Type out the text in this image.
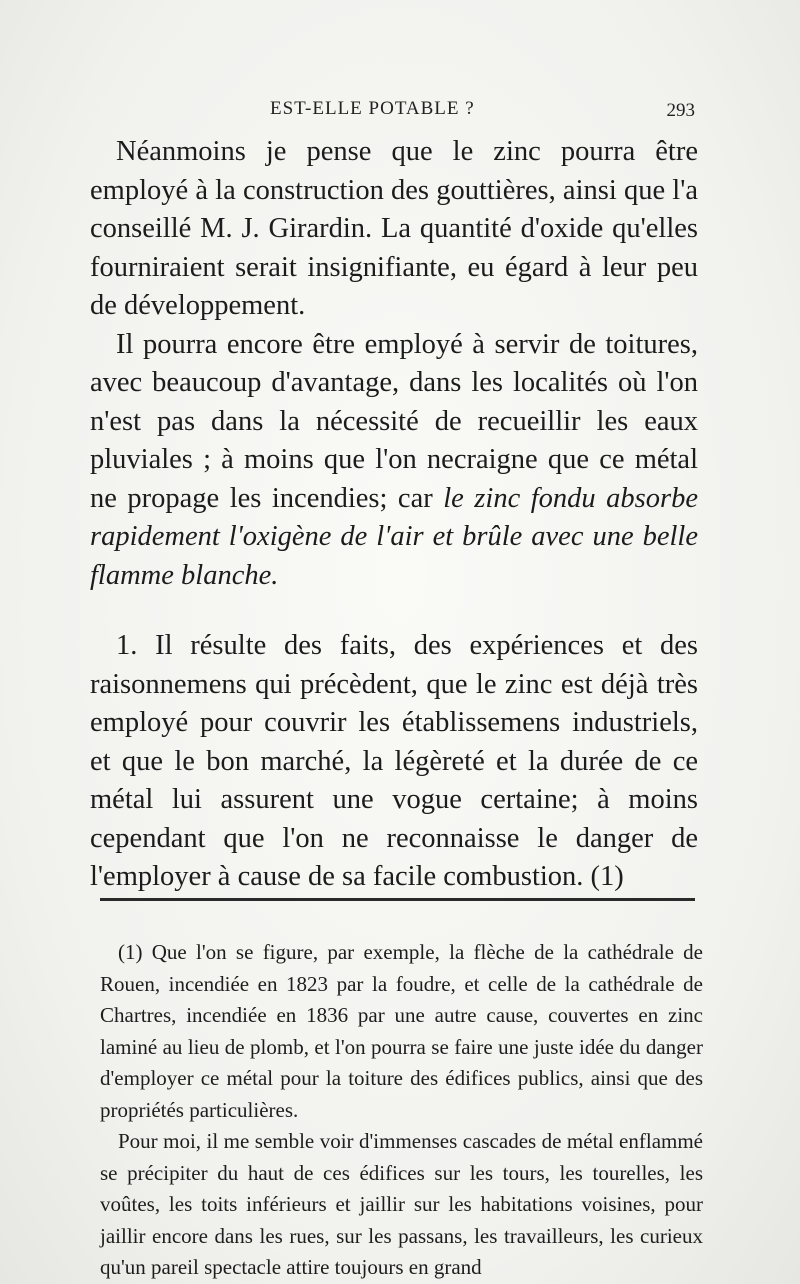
EST-ELLE POTABLE ?	293

Néanmoins je pense que le zinc pourra être employé à la construction des gouttières, ainsi que l'a conseillé M. J. Girardin. La quantité d'oxide qu'elles fourniraient serait insignifiante, eu égard à leur peu de développement.

Il pourra encore être employé à servir de toitures, avec beaucoup d'avantage, dans les localités où l'on n'est pas dans la nécessité de recueillir les eaux pluviales ; à moins que l'on necraigne que ce métal ne propage les incendies; car le zinc fondu absorbe rapidement l'oxigène de l'air et brûle avec une belle flamme blanche.

1. Il résulte des faits, des expériences et des raisonnemens qui précèdent, que le zinc est déjà très employé pour couvrir les établissemens industriels, et que le bon marché, la légèreté et la durée de ce métal lui assurent une vogue certaine; à moins cependant que l'on ne reconnaisse le danger de l'employer à cause de sa facile combustion. (1)

(1) Que l'on se figure, par exemple, la flèche de la cathédrale de Rouen, incendiée en 1823 par la foudre, et celle de la cathédrale de Chartres, incendiée en 1836 par une autre cause, couvertes en zinc laminé au lieu de plomb, et l'on pourra se faire une juste idée du danger d'employer ce métal pour la toiture des édifices publics, ainsi que des propriétés particulières.

Pour moi, il me semble voir d'immenses cascades de métal enflammé se précipiter du haut de ces édifices sur les tours, les tourelles, les voûtes, les toits inférieurs et jaillir sur les habitations voisines, pour jaillir encore dans les rues, sur les passans, les travailleurs, les curieux qu'un pareil spectacle attire toujours en grand
